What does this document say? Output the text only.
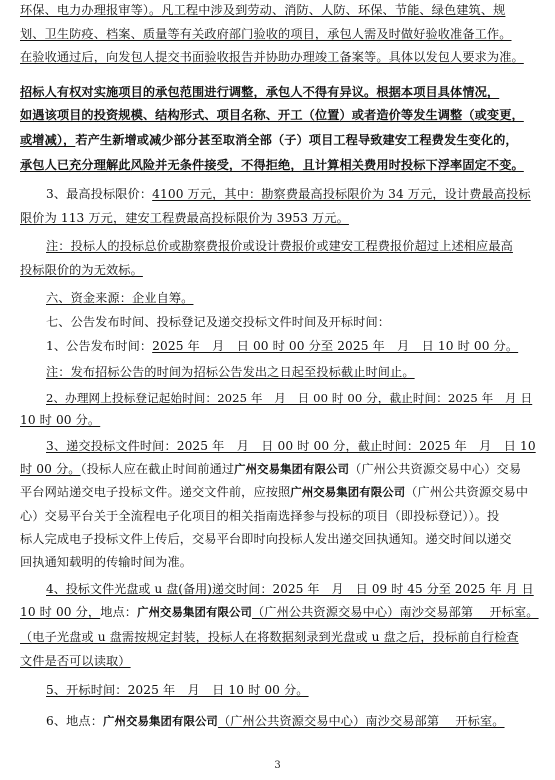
环保、电力办理报审等）。凡工程中涉及到劳动、消防、人防、环保、节能、绿色建筑、规
划、卫生防疫、档案、质量等有关政府部门验收的项目，承包人需及时做好验收准备工作。
在验收通过后，向发包人提交书面验收报告并协助办理竣工备案等。具体以发包人要求为准。
招标人有权对实施项目的承包范围进行调整，承包人不得有异议。根据本项目具体情况，
如遇该项目的投资规模、结构形式、项目名称、开工（位置）或者造价等发生调整（或变更，
或增减），若产生新增或减少部分甚至取消全部（子）项目工程导致建安工程费发生变化的，
承包人已充分理解此风险并无条件接受，不得拒绝，且计算相关费用时投标下浮率固定不变。
3、最高投标限价：4100 万元，其中：勘察费最高投标限价为 34 万元，设计费最高投标
限价为 113 万元，建安工程费最高投标限价为 3953 万元。
注：投标人的投标总价或勘察费报价或设计费报价或建安工程费报价超过上述相应最高
投标限价的为无效标。
六、资金来源：企业自筹。
七、公告发布时间、投标登记及递交投标文件时间及开标时间：
1、公告发布时间：2025 年　月　日 00 时 00 分至 2025 年　月　日 10 时 00 分。
注：发布招标公告的时间为招标公告发出之日起至投标截止时间止。
2、办理网上投标登记起始时间：2025 年　月　日 00 时 00 分，截止时间：2025 年　月 日
10 时 00 分。
3、递交投标文件时间：2025 年　月　日 00 时 00 分，截止时间：2025 年　月　日 10
时 00 分。（投标人应在截止时间前通过广州交易集团有限公司（广州公共资源交易中心）交易
平台网站递交电子投标文件。递交文件前，应按照广州交易集团有限公司（广州公共资源交易中
心）交易平台关于全流程电子化项目的相关指南选择参与投标的项目（即投标登记））。投
标人完成电子投标文件上传后，交易平台即时向投标人发出递交回执通知。递交时间以递交
回执通知载明的传输时间为准。
4、投标文件光盘或 u 盘(备用)递交时间：2025 年　月　日 09 时 45 分至 2025 年 月 日
10 时 00 分，地点：广州交易集团有限公司（广州公共资源交易中心）南沙交易部第　 开标室。
（电子光盘或 u 盘需按规定封装，投标人在将数据刻录到光盘或 u 盘之后，投标前自行检查
文件是否可以读取）
5、开标时间：2025 年　月　日 10 时 00 分。
6、地点：广州交易集团有限公司（广州公共资源交易中心）南沙交易部第　 开标室。
3
